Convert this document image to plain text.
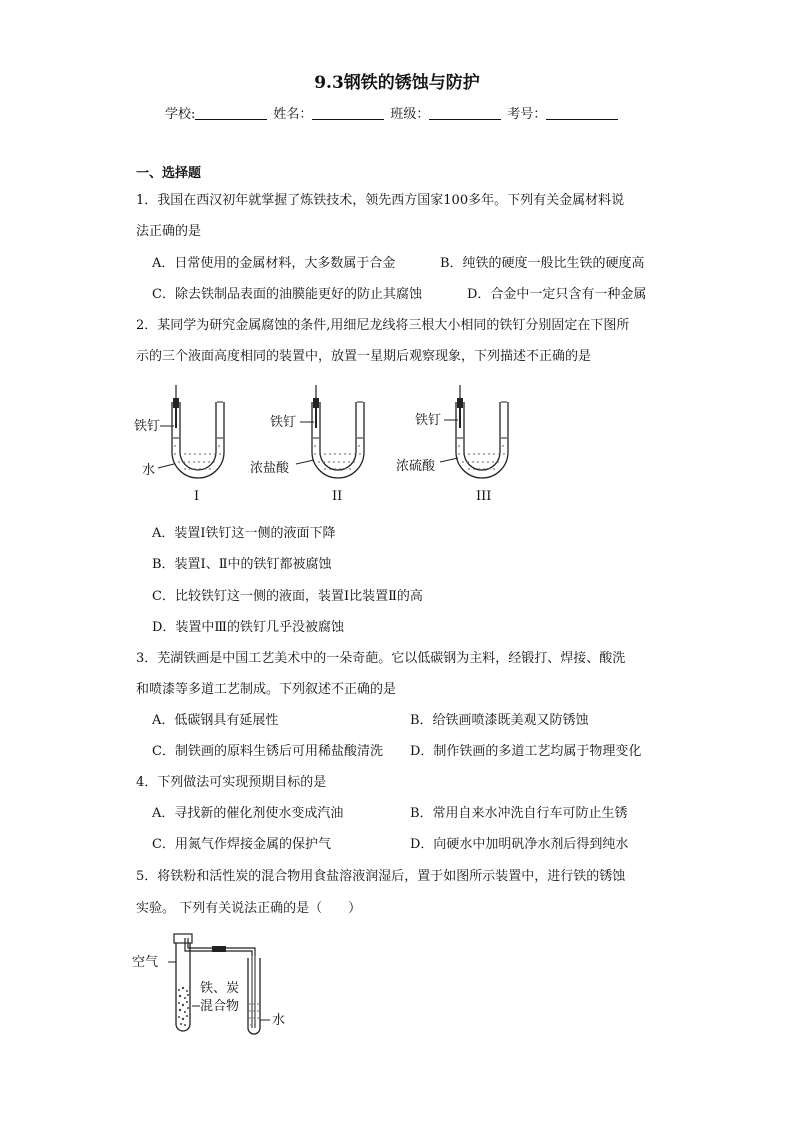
9.3钢铁的锈蚀与防护
学校:	姓名：	班级：	考号：
一、选择题
1．我国在西汉初年就掌握了炼铁技术，领先西方国家100多年。下列有关金属材料说
法正确的是
A．日常使用的金属材料，大多数属于合金	B．纯铁的硬度一般比生铁的硬度高
C．除去铁制品表面的油膜能更好的防止其腐蚀	D．合金中一定只含有一种金属
2．某同学为研究金属腐蚀的条件,用细尼龙线将三根大小相同的铁钉分别固定在下图所
示的三个液面高度相同的装置中，放置一星期后观察现象，下列描述不正确的是
铁钉
水
I
铁钉
浓盐酸
II
铁钉
浓硫酸
III
A．装置Ⅰ铁钉这一侧的液面下降
B．装置Ⅰ、Ⅱ中的铁钉都被腐蚀
C．比较铁钉这一侧的液面，装置Ⅰ比装置Ⅱ的高
D．装置中Ⅲ的铁钉几乎没被腐蚀
3．芜湖铁画是中国工艺美术中的一朵奇葩。它以低碳钢为主料，经锻打、焊接、酸洗
和喷漆等多道工艺制成。下列叙述不正确的是
A．低碳钢具有延展性	B．给铁画喷漆既美观又防锈蚀
C．制铁画的原料生锈后可用稀盐酸清洗 D．制作铁画的多道工艺均属于物理变化
4．下列做法可实现预期目标的是
A．寻找新的催化剂使水变成汽油	B．常用自来水冲洗自行车可防止生锈
C．用氮气作焊接金属的保护气	D．向硬水中加明矾净水剂后得到纯水
5．将铁粉和活性炭的混合物用食盐溶液润湿后，置于如图所示装置中，进行铁的锈蚀
实验。 下列有关说法正确的是（　　）
空气
铁、炭
混合物
水
